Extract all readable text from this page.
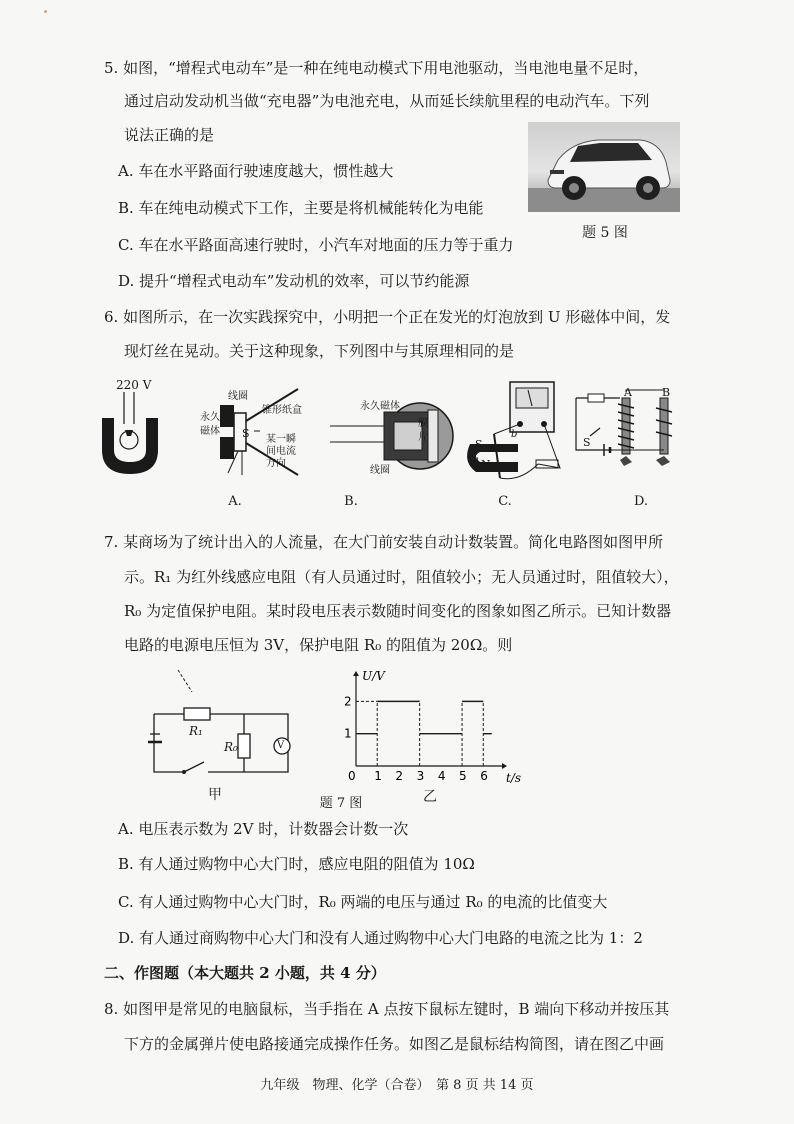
5. 如图，“增程式电动车”是一种在纯电动模式下用电池驱动，当电池电量不足时，
通过启动发动机当做“充电器”为电池充电，从而延长续航里程的电动汽车。下列
说法正确的是
A. 车在水平路面行驶速度越大，惯性越大
B. 车在纯电动模式下工作，主要是将机械能转化为电能
C. 车在水平路面高速行驶时，小汽车对地面的压力等于重力
D. 提升“增程式电动车”发动机的效率，可以节约能源
题 5 图
6. 如图所示，在一次实践探究中，小明把一个正在发光的灯泡放到 U 形磁体中间，发
现灯丝在晃动。关于这种现象，下列图中与其原理相同的是
220 V
线圈
锥形纸盒
永久
磁体 S 某一瞬
间电流
方向
A.
永久磁体
膜
片
线圈
B.
S
N
a
b
C.
A	B
S
D.
7. 某商场为了统计出入的人流量，在大门前安装自动计数装置。简化电路图如图甲所
示。R₁ 为红外线感应电阻（有人员通过时，阻值较小；无人员通过时，阻值较大），
R₀ 为定值保护电阻。某时段电压表示数随时间变化的图象如图乙所示。已知计数器
电路的电源电压恒为 3V，保护电阻 R₀ 的阻值为 20Ω。则
R₁
R₀	V
甲
t/s
U/V
0 1 2 3 4 5 6
1
2
乙
题 7 图
A. 电压表示数为 2V 时，计数器会计数一次
B. 有人通过购物中心大门时，感应电阻的阻值为 10Ω
C. 有人通过购物中心大门时，R₀ 两端的电压与通过 R₀ 的电流的比值变大
D. 有人通过商购物中心大门和没有人通过购物中心大门电路的电流之比为 1：2
二、作图题（本大题共 2 小题，共 4 分）
8. 如图甲是常见的电脑鼠标，当手指在 A 点按下鼠标左键时，B 端向下移动并按压其
下方的金属弹片使电路接通完成操作任务。如图乙是鼠标结构简图，请在图乙中画
九年级　物理、化学（合卷）　第 8 页 共 14 页
